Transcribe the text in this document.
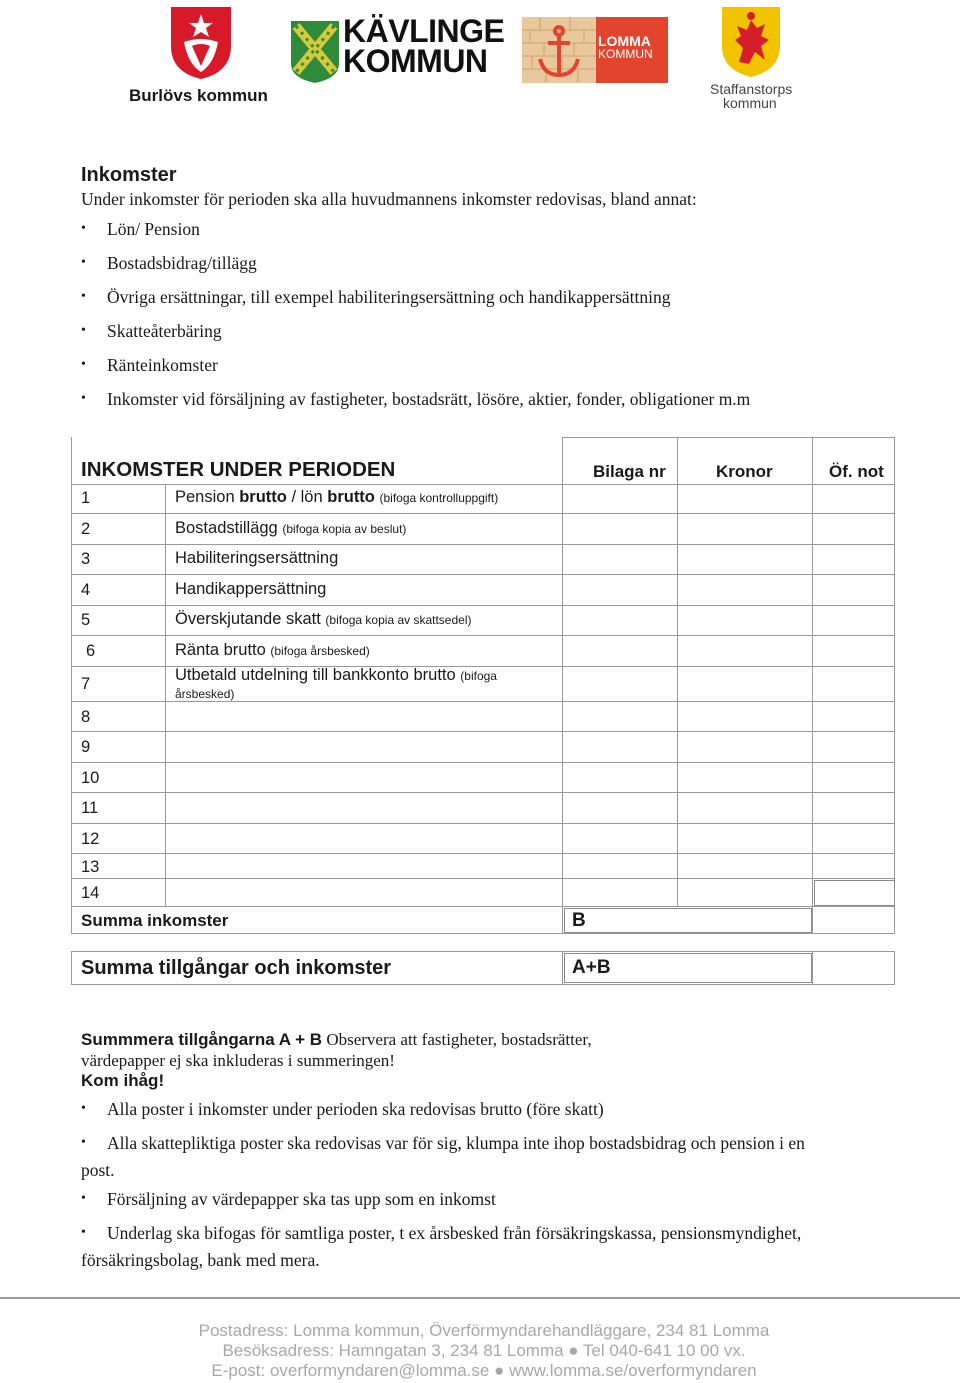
Burlövs kommun
KÄVLINGE
KOMMUN
LOMMA
KOMMUN
Staffanstorps
kommun
Inkomster
Under inkomster för perioden ska alla huvudmannens inkomster redovisas, bland annat:
• Lön/ Pension
• Bostadsbidrag/tillägg
• Övriga ersättningar, till exempel habiliteringsersättning och handikappersättning
• Skatteåterbäring
• Ränteinkomster
• Inkomster vid försäljning av fastigheter, bostadsrätt, lösöre, aktier, fonder, obligationer m.m
INKOMSTER UNDER PERIODEN	Bilaga nr	Kronor	Öf. not
1	Pension brutto / lön brutto (bifoga kontrolluppgift)
2	Bostadstillägg (bifoga kopia av beslut)
3	Habiliteringsersättning
4	Handikappersättning
5	Överskjutande skatt (bifoga kopia av skattsedel)
6	Ränta brutto (bifoga årsbesked)
7	Utbetald utdelning till bankkonto brutto (bifoga
årsbesked)
8
9
10
11
12
13
14
Summa inkomster	B
Summa tillgångar och inkomster	A+B
Summmera tillgångarna A + B Observera att fastigheter, bostadsrätter,
värdepapper ej ska inkluderas i summeringen!
Kom ihåg!
• Alla poster i inkomster under perioden ska redovisas brutto (före skatt)
• Alla skattepliktiga poster ska redovisas var för sig, klumpa inte ihop bostadsbidrag och pension i en
post.
• Försäljning av värdepapper ska tas upp som en inkomst
• Underlag ska bifogas för samtliga poster, t ex årsbesked från försäkringskassa, pensionsmyndighet,
försäkringsbolag, bank med mera.
Postadress: Lomma kommun, Överförmyndarehandläggare, 234 81 Lomma
Besöksadress: Hamngatan 3, 234 81 Lomma ● Tel 040-641 10 00 vx.
E-post: overformyndaren@lomma.se ● www.lomma.se/overformyndaren
